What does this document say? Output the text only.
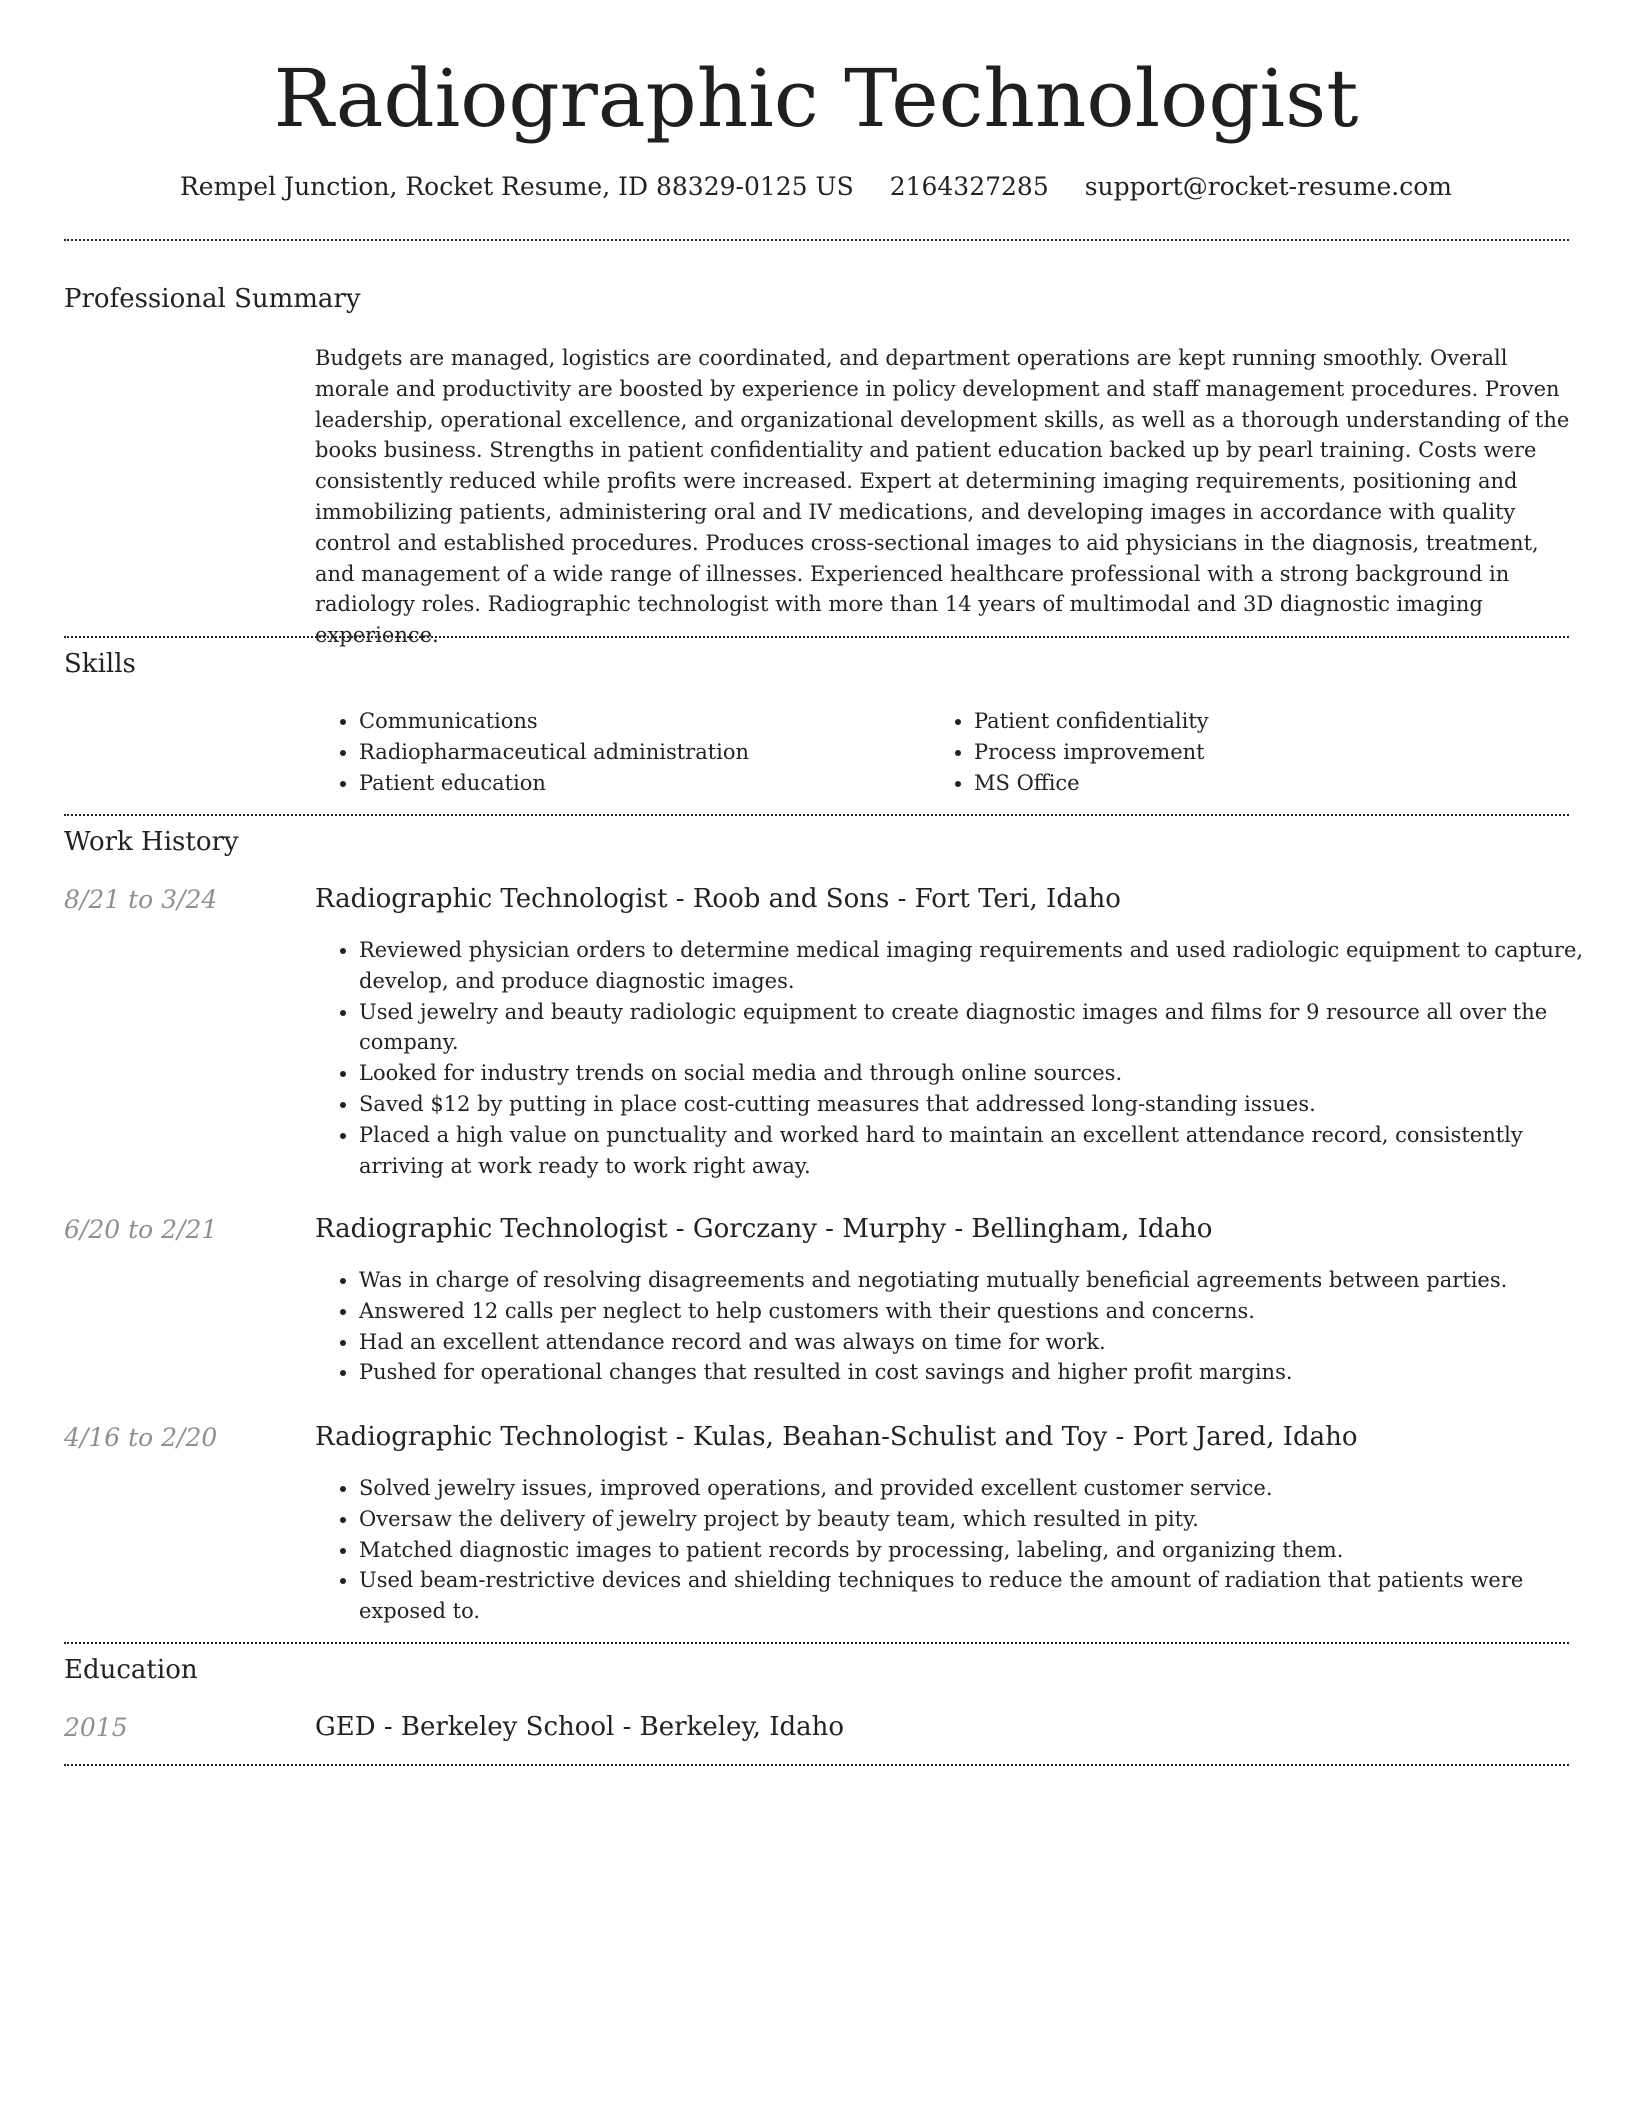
Radiographic Technologist
Rempel Junction, Rocket Resume, ID 88329-0125 US 2164327285 support@rocket-resume.com
Professional Summary

Budgets are managed, logistics are coordinated, and department operations are kept running smoothly. Overall morale and productivity are boosted by experience in policy development and staff management procedures. Proven leadership, operational excellence, and organizational development skills, as well as a thorough understanding of the books business. Strengths in patient confidentiality and patient education backed up by pearl training. Costs were consistently reduced while profits were increased. Expert at determining imaging requirements, positioning and immobilizing patients, administering oral and IV medications, and developing images in accordance with quality control and established procedures. Produces cross-sectional images to aid physicians in the diagnosis, treatment, and management of a wide range of illnesses. Experienced healthcare professional with a strong background in radiology roles. Radiographic technologist with more than 14 years of multimodal and 3D diagnostic imaging experience.

Skills
• Communications
• Radiopharmaceutical administration
• Patient education
• Patient confidentiality
• Process improvement
• MS Office
Work History
8/21 to 3/24	Radiographic Technologist - Roob and Sons - Fort Teri, Idaho
• Reviewed physician orders to determine medical imaging requirements and used radiologic equipment to capture, develop, and produce diagnostic images.
• Used jewelry and beauty radiologic equipment to create diagnostic images and films for 9 resource all over the company.
• Looked for industry trends on social media and through online sources.
• Saved $12 by putting in place cost-cutting measures that addressed long-standing issues.
• Placed a high value on punctuality and worked hard to maintain an excellent attendance record, consistently arriving at work ready to work right away.
6/20 to 2/21	Radiographic Technologist - Gorczany - Murphy - Bellingham, Idaho
• Was in charge of resolving disagreements and negotiating mutually beneficial agreements between parties.
• Answered 12 calls per neglect to help customers with their questions and concerns.
• Had an excellent attendance record and was always on time for work.
• Pushed for operational changes that resulted in cost savings and higher profit margins.
4/16 to 2/20	Radiographic Technologist - Kulas, Beahan-Schulist and Toy - Port Jared, Idaho
• Solved jewelry issues, improved operations, and provided excellent customer service.
• Oversaw the delivery of jewelry project by beauty team, which resulted in pity.
• Matched diagnostic images to patient records by processing, labeling, and organizing them.
• Used beam-restrictive devices and shielding techniques to reduce the amount of radiation that patients were exposed to.
Education
2015	GED - Berkeley School - Berkeley, Idaho
